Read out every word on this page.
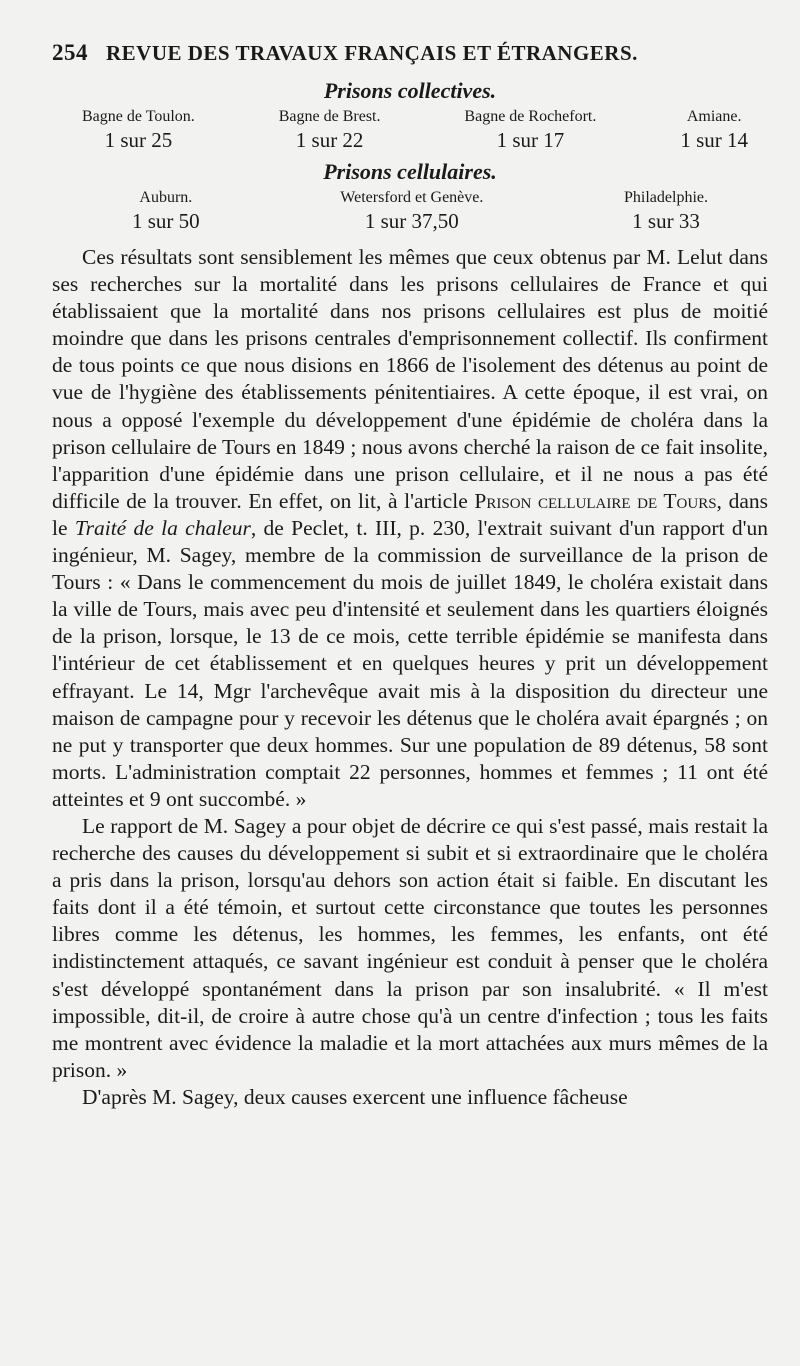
254 REVUE DES TRAVAUX FRANÇAIS ET ÉTRANGERS.
Prisons collectives.
Bagne de Toulon.
1 sur 25
Bagne de Brest.
1 sur 22
Bagne de Rochefort.
1 sur 17
Amiane.
1 sur 14
Prisons cellulaires.
Auburn.
1 sur 50
Wetersford et Genève.
1 sur 37,50
Philadelphie.
1 sur 33

Ces résultats sont sensiblement les mêmes que ceux obtenus par M. Lelut dans ses recherches sur la mortalité dans les prisons cellulaires de France et qui établissaient que la mortalité dans nos prisons cellulaires est plus de moitié moindre que dans les prisons centrales d'emprisonnement collectif. Ils confirment de tous points ce que nous disions en 1866 de l'isolement des détenus au point de vue de l'hygiène des établissements pénitentiaires. A cette époque, il est vrai, on nous a opposé l'exemple du développement d'une épidémie de choléra dans la prison cellulaire de Tours en 1849 ; nous avons cherché la raison de ce fait insolite, l'apparition d'une épidémie dans une prison cellulaire, et il ne nous a pas été difficile de la trouver. En effet, on lit, à l'article Prison cellulaire de Tours, dans le Traité de la chaleur, de Peclet, t. III, p. 230, l'extrait suivant d'un rapport d'un ingénieur, M. Sagey, membre de la commission de surveillance de la prison de Tours : « Dans le commencement du mois de juillet 1849, le choléra existait dans la ville de Tours, mais avec peu d'intensité et seulement dans les quartiers éloignés de la prison, lorsque, le 13 de ce mois, cette terrible épidémie se manifesta dans l'intérieur de cet établissement et en quelques heures y prit un développement effrayant. Le 14, Mgr l'archevêque avait mis à la disposition du directeur une maison de campagne pour y recevoir les détenus que le choléra avait épargnés ; on ne put y transporter que deux hommes. Sur une population de 89 détenus, 58 sont morts. L'administration comptait 22 personnes, hommes et femmes ; 11 ont été atteintes et 9 ont succombé. »

Le rapport de M. Sagey a pour objet de décrire ce qui s'est passé, mais restait la recherche des causes du développement si subit et si extraordinaire que le choléra a pris dans la prison, lorsqu'au dehors son action était si faible. En discutant les faits dont il a été témoin, et surtout cette circonstance que toutes les personnes libres comme les détenus, les hommes, les femmes, les enfants, ont été indistinctement attaqués, ce savant ingénieur est conduit à penser que le choléra s'est développé spontanément dans la prison par son insalubrité. « Il m'est impossible, dit-il, de croire à autre chose qu'à un centre d'infection ; tous les faits me montrent avec évidence la maladie et la mort attachées aux murs mêmes de la prison. »

D'après M. Sagey, deux causes exercent une influence fâcheuse
